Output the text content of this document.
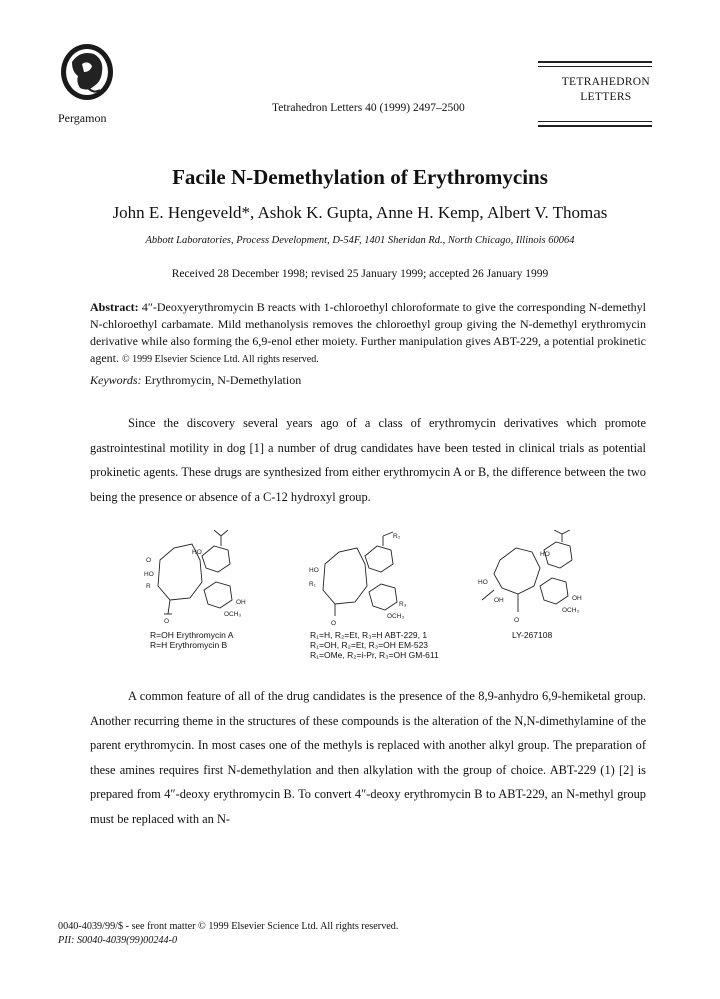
Pergamon
Tetrahedron Letters 40 (1999) 2497–2500
TETRAHEDRON
LETTERS
Facile N-Demethylation of Erythromycins
John E. Hengeveld*, Ashok K. Gupta, Anne H. Kemp, Albert V. Thomas
Abbott Laboratories, Process Development, D-54F, 1401 Sheridan Rd., North Chicago, Illinois 60064
Received 28 December 1998; revised 25 January 1999; accepted 26 January 1999
Abstract: 4″-Deoxyerythromycin B reacts with 1-chloroethyl chloroformate to give the corresponding N-demethyl N-chloroethyl carbamate. Mild methanolysis removes the chloroethyl group giving the N-demethyl erythromycin derivative while also forming the 6,9-enol ether moiety. Further manipulation gives ABT-229, a potential prokinetic agent. © 1999 Elsevier Science Ltd. All rights reserved.
Keywords: Erythromycin, N-Demethylation
Since the discovery several years ago of a class of erythromycin derivatives which promote gastrointestinal motility in dog [1] a number of drug candidates have been tested in clinical trials as potential prokinetic agents. These drugs are synthesized from either erythromycin A or B, the difference between the two being the presence or absence of a C-12 hydroxyl group.
O
HO
R
HO
OH
OCH₃
O
HO
R₁
R₂
R₃
OCH₃
O
HO
OH
HO
OH
OCH₃
O
R=OH Erythromycin A
R=H Erythromycin B
R₁=H, R₂=Et, R₃=H ABT-229, 1
R₁=OH, R₂=Et, R₃=OH EM-523
R₁=OMe, R₂=i-Pr, R₃=OH GM-611
LY-267108
A common feature of all of the drug candidates is the presence of the 8,9-anhydro 6,9-hemiketal group. Another recurring theme in the structures of these compounds is the alteration of the N,N-dimethylamine of the parent erythromycin. In most cases one of the methyls is replaced with another alkyl group. The preparation of these amines requires first N-demethylation and then alkylation with the group of choice. ABT-229 (1) [2] is prepared from 4″-deoxy erythromycin B. To convert 4″-deoxy erythromycin B to ABT-229, an N-methyl group must be replaced with an N-
0040-4039/99/$ - see front matter © 1999 Elsevier Science Ltd. All rights reserved.
PII: S0040-4039(99)00244-0
